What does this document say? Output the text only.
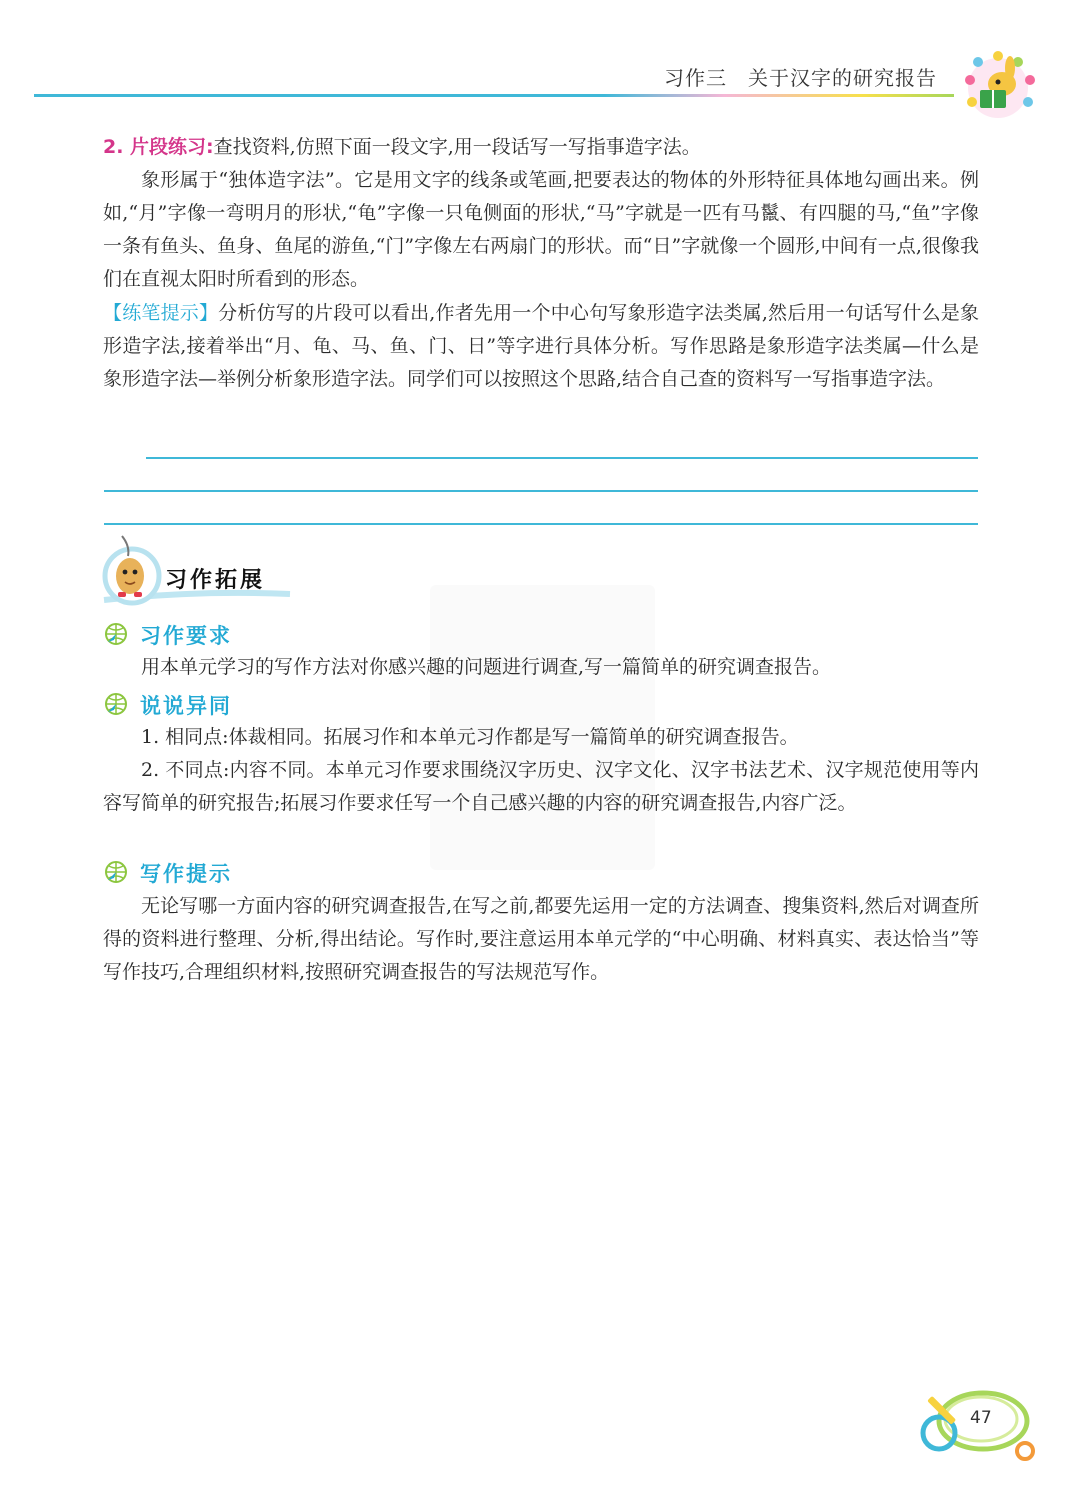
习作三　关于汉字的研究报告

2. 片段练习:查找资料,仿照下面一段文字,用一段话写一写指事造字法。

象形属于“独体造字法”。它是用文字的线条或笔画,把要表达的物体的外形特征具体地勾画出来。例如,“月”字像一弯明月的形状,“龟”字像一只龟侧面的形状,“马”字就是一匹有马鬣、有四腿的马,“鱼”字像一条有鱼头、鱼身、鱼尾的游鱼,“门”字像左右两扇门的形状。而“日”字就像一个圆形,中间有一点,很像我们在直视太阳时所看到的形态。

【练笔提示】分析仿写的片段可以看出,作者先用一个中心句写象形造字法类属,然后用一句话写什么是象形造字法,接着举出“月、龟、马、鱼、门、日”等字进行具体分析。写作思路是象形造字法类属—什么是象形造字法—举例分析象形造字法。同学们可以按照这个思路,结合自己查的资料写一写指事造字法。

习作拓展
习作要求

用本单元学习的写作方法对你感兴趣的问题进行调查,写一篇简单的研究调查报告。

说说异同

1. 相同点:体裁相同。拓展习作和本单元习作都是写一篇简单的研究调查报告。

2. 不同点:内容不同。本单元习作要求围绕汉字历史、汉字文化、汉字书法艺术、汉字规范使用等内容写简单的研究报告;拓展习作要求任写一个自己感兴趣的内容的研究调查报告,内容广泛。

写作提示

无论写哪一方面内容的研究调查报告,在写之前,都要先运用一定的方法调查、搜集资料,然后对调查所得的资料进行整理、分析,得出结论。写作时,要注意运用本单元学的“中心明确、材料真实、表达恰当”等写作技巧,合理组织材料,按照研究调查报告的写法规范写作。

47
